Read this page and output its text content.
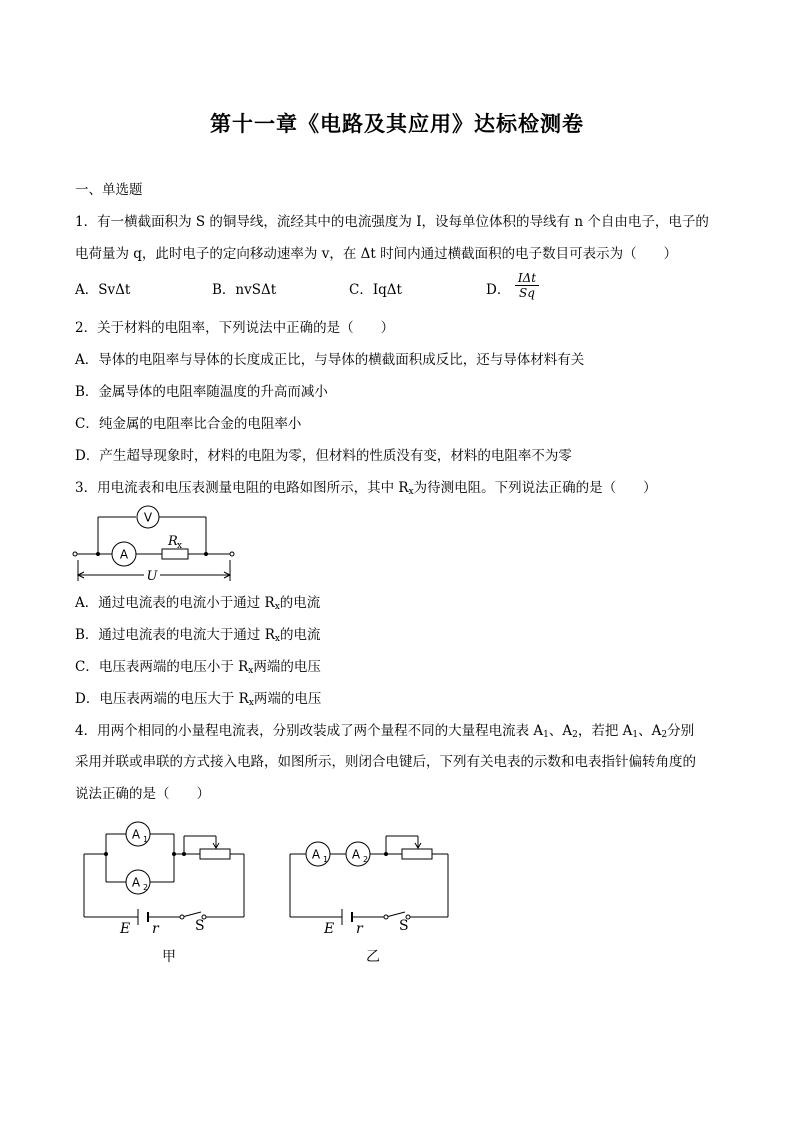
第十一章《电路及其应用》达标检测卷
一、单选题
1．有一横截面积为 S 的铜导线，流经其中的电流强度为 I，设每单位体积的导线有 n 个自由电子，电子的
电荷量为 q，此时电子的定向移动速率为 v，在 Δt 时间内通过横截面积的电子数目可表示为（　　）
A．SvΔt	B．nvSΔt	C．IqΔt	D．
IΔt
Sq
2．关于材料的电阻率，下列说法中正确的是（　　）
A．导体的电阻率与导体的长度成正比，与导体的横截面积成反比，还与导体材料有关
B．金属导体的电阻率随温度的升高而减小
C．纯金属的电阻率比合金的电阻率小
D．产生超导现象时，材料的电阻为零，但材料的性质没有变，材料的电阻率不为零
3．用电流表和电压表测量电阻的电路如图所示，其中 $R_x$为待测电阻。下列说法正确的是（　　）
A
V
R x
U
A．通过电流表的电流小于通过 $R_x$的电流
B．通过电流表的电流大于通过 $R_x$的电流
C．电压表两端的电压小于 $R_x$两端的电压
D．电压表两端的电压大于 $R_x$两端的电压
4．用两个相同的小量程电流表，分别改装成了两个量程不同的大量程电流表 $A_1$、$A_2$，若把 $A_1$、$A_2$分别
采用并联或串联的方式接入电路，如图所示，则闭合电键后，下列有关电表的示数和电表指针偏转角度的
说法正确的是（　　）
A 1
A 2
E r	S
甲
A 1 A 2
E r	S
乙
